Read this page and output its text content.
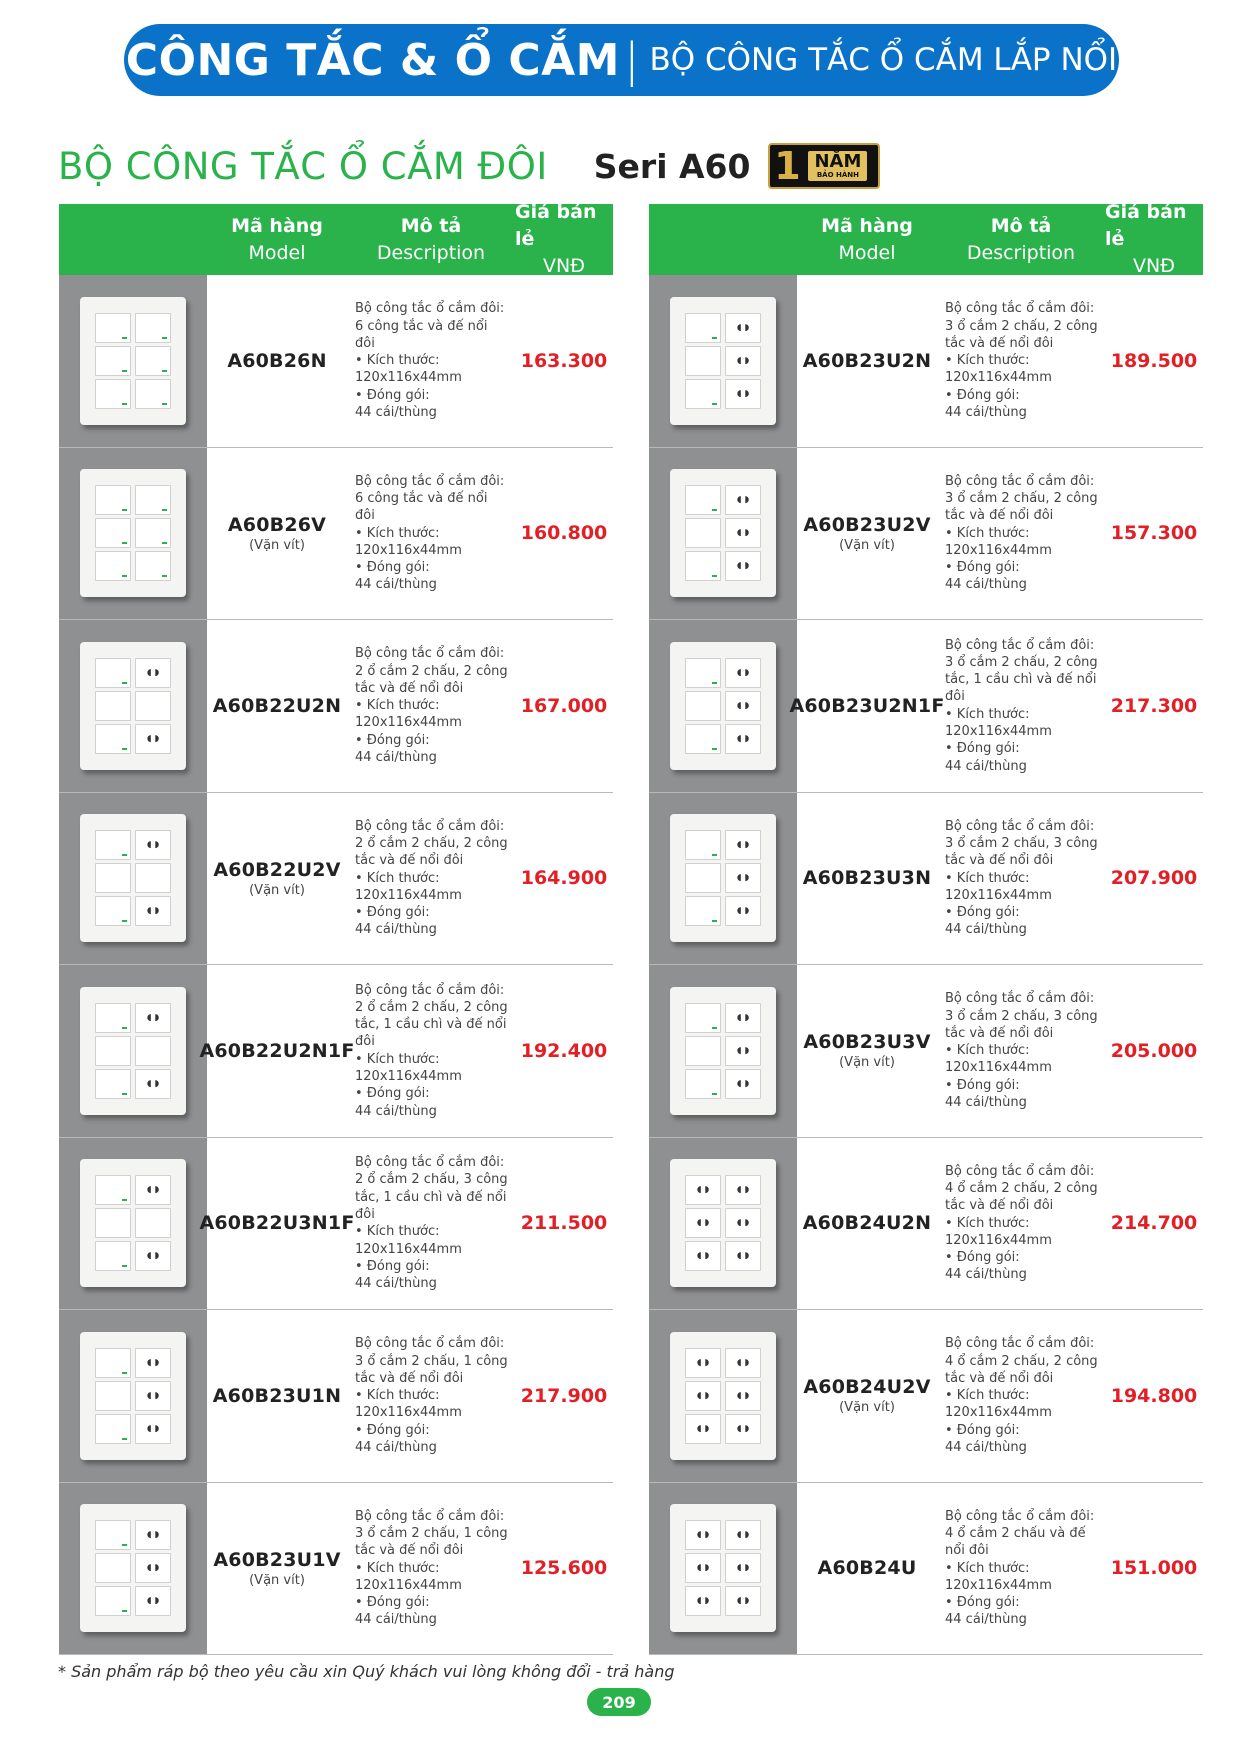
CÔNG TẮC & Ổ CẮM | BỘ CÔNG TẮC Ổ CẮM LẮP NỔI
BỘ CÔNG TẮC Ổ CẮM ĐÔI Seri A60 1 NĂM
BẢO HÀNH
Mã hàng
Model
Mô tả
Description
Giá bán lẻ
VNĐ
A60B26N
Bộ công tắc ổ cắm đôi:
6 công tắc và đế nổi
đôi
• Kích thước:
120x116x44mm
• Đóng gói:
44 cái/thùng
163.300
A60B26V
(Vặn vít)
Bộ công tắc ổ cắm đôi:
6 công tắc và đế nổi
đôi
• Kích thước:
120x116x44mm
• Đóng gói:
44 cái/thùng
160.800
◖ ◗
◖ ◗
A60B22U2N
Bộ công tắc ổ cắm đôi:
2 ổ cắm 2 chấu, 2 công
tắc và đế nổi đôi
• Kích thước:
120x116x44mm
• Đóng gói:
44 cái/thùng
167.000
◖ ◗
◖ ◗
A60B22U2V
(Vặn vít)
Bộ công tắc ổ cắm đôi:
2 ổ cắm 2 chấu, 2 công
tắc và đế nổi đôi
• Kích thước:
120x116x44mm
• Đóng gói:
44 cái/thùng
164.900
◖ ◗
◖ ◗
A60B22U2N1F
Bộ công tắc ổ cắm đôi:
2 ổ cắm 2 chấu, 2 công
tắc, 1 cầu chì và đế nổi
đôi
• Kích thước:
120x116x44mm
• Đóng gói:
44 cái/thùng
192.400
◖ ◗
◖ ◗
A60B22U3N1F
Bộ công tắc ổ cắm đôi:
2 ổ cắm 2 chấu, 3 công
tắc, 1 cầu chì và đế nổi
đôi
• Kích thước:
120x116x44mm
• Đóng gói:
44 cái/thùng
211.500
◖ ◗
◖ ◗
◖ ◗
A60B23U1N
Bộ công tắc ổ cắm đôi:
3 ổ cắm 2 chấu, 1 công
tắc và đế nổi đôi
• Kích thước:
120x116x44mm
• Đóng gói:
44 cái/thùng
217.900
◖ ◗
◖ ◗
◖ ◗
A60B23U1V
(Vặn vít)
Bộ công tắc ổ cắm đôi:
3 ổ cắm 2 chấu, 1 công
tắc và đế nổi đôi
• Kích thước:
120x116x44mm
• Đóng gói:
44 cái/thùng
125.600
Mã hàng
Model
Mô tả
Description
Giá bán lẻ
VNĐ
◖ ◗
◖ ◗
◖ ◗
A60B23U2N
Bộ công tắc ổ cắm đôi:
3 ổ cắm 2 chấu, 2 công
tắc và đế nổi đôi
• Kích thước:
120x116x44mm
• Đóng gói:
44 cái/thùng
189.500
◖ ◗
◖ ◗
◖ ◗
A60B23U2V
(Vặn vít)
Bộ công tắc ổ cắm đôi:
3 ổ cắm 2 chấu, 2 công
tắc và đế nổi đôi
• Kích thước:
120x116x44mm
• Đóng gói:
44 cái/thùng
157.300
◖ ◗
◖ ◗
◖ ◗
A60B23U2N1F
Bộ công tắc ổ cắm đôi:
3 ổ cắm 2 chấu, 2 công
tắc, 1 cầu chì và đế nổi
đôi
• Kích thước:
120x116x44mm
• Đóng gói:
44 cái/thùng
217.300
◖ ◗
◖ ◗
◖ ◗
A60B23U3N
Bộ công tắc ổ cắm đôi:
3 ổ cắm 2 chấu, 3 công
tắc và đế nổi đôi
• Kích thước:
120x116x44mm
• Đóng gói:
44 cái/thùng
207.900
◖ ◗
◖ ◗
◖ ◗
A60B23U3V
(Vặn vít)
Bộ công tắc ổ cắm đôi:
3 ổ cắm 2 chấu, 3 công
tắc và đế nổi đôi
• Kích thước:
120x116x44mm
• Đóng gói:
44 cái/thùng
205.000
◖ ◗
◖ ◗
◖ ◗
◖ ◗
◖ ◗
◖ ◗
A60B24U2N
Bộ công tắc ổ cắm đôi:
4 ổ cắm 2 chấu, 2 công
tắc và đế nổi đôi
• Kích thước:
120x116x44mm
• Đóng gói:
44 cái/thùng
214.700
◖ ◗
◖ ◗
◖ ◗
◖ ◗
◖ ◗
◖ ◗
A60B24U2V
(Vặn vít)
Bộ công tắc ổ cắm đôi:
4 ổ cắm 2 chấu, 2 công
tắc và đế nổi đôi
• Kích thước:
120x116x44mm
• Đóng gói:
44 cái/thùng
194.800
◖ ◗
◖ ◗
◖ ◗
◖ ◗
◖ ◗
◖ ◗
A60B24U
Bộ công tắc ổ cắm đôi:
4 ổ cắm 2 chấu và đế
nổi đôi
• Kích thước:
120x116x44mm
• Đóng gói:
44 cái/thùng
151.000
* Sản phẩm ráp bộ theo yêu cầu xin Quý khách vui lòng không đổi - trả hàng
209
